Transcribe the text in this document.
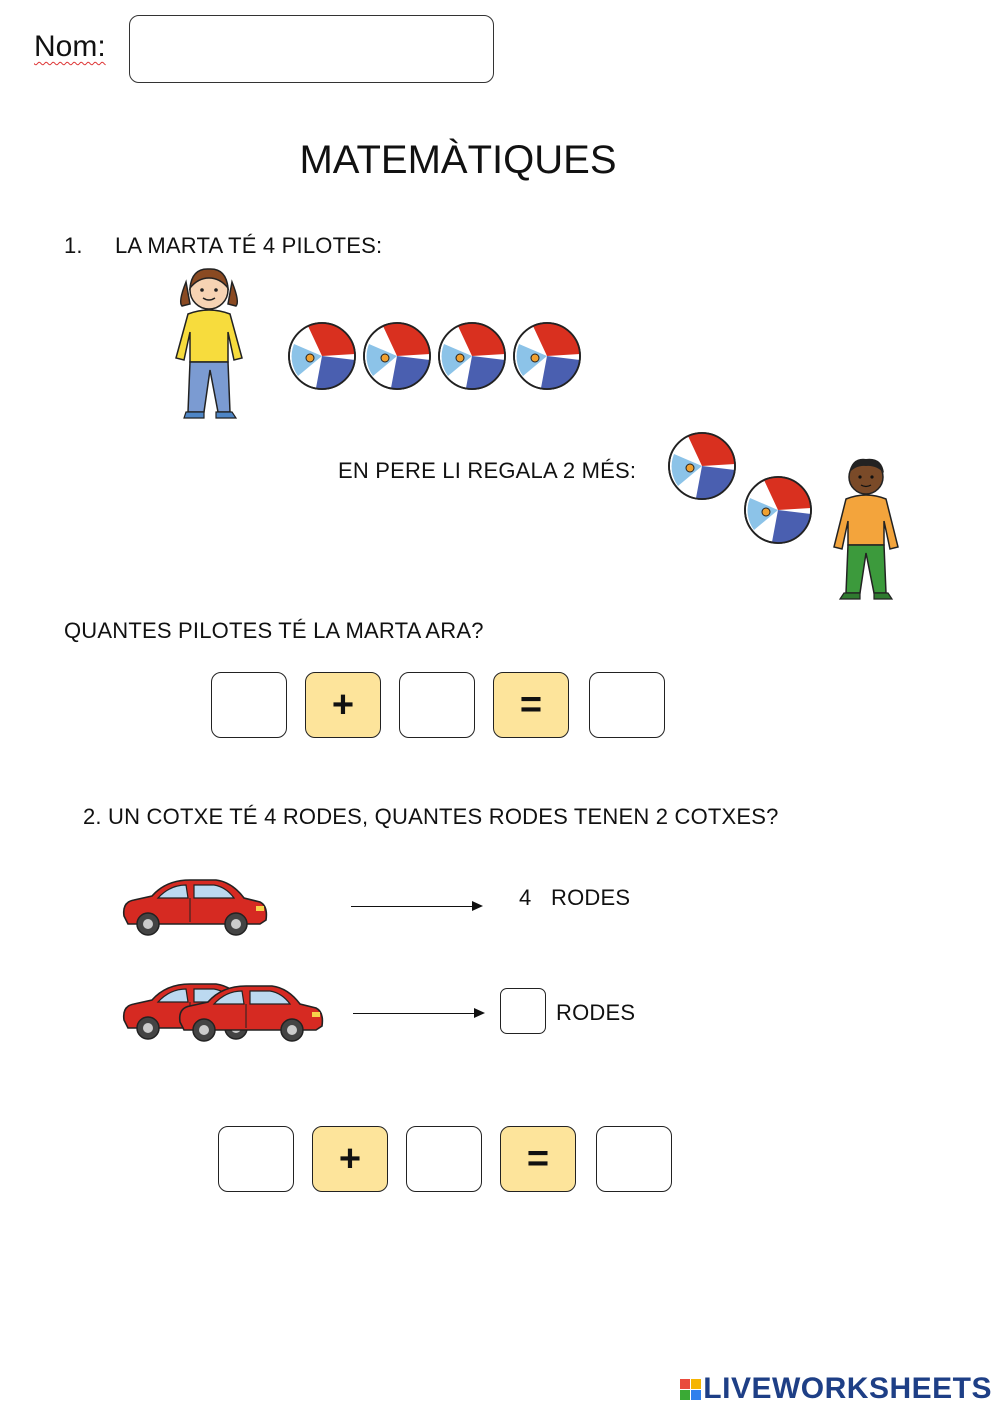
Nom:
MATEMÀTIQUES
1. LA MARTA TÉ 4 PILOTES:
EN PERE LI REGALA 2 MÉS:
QUANTES PILOTES TÉ LA MARTA ARA?
+	=
2. UN COTXE TÉ 4 RODES, QUANTES RODES TENEN 2 COTXES?
4 RODES
RODES
+	=
LIVEWORKSHEETS
